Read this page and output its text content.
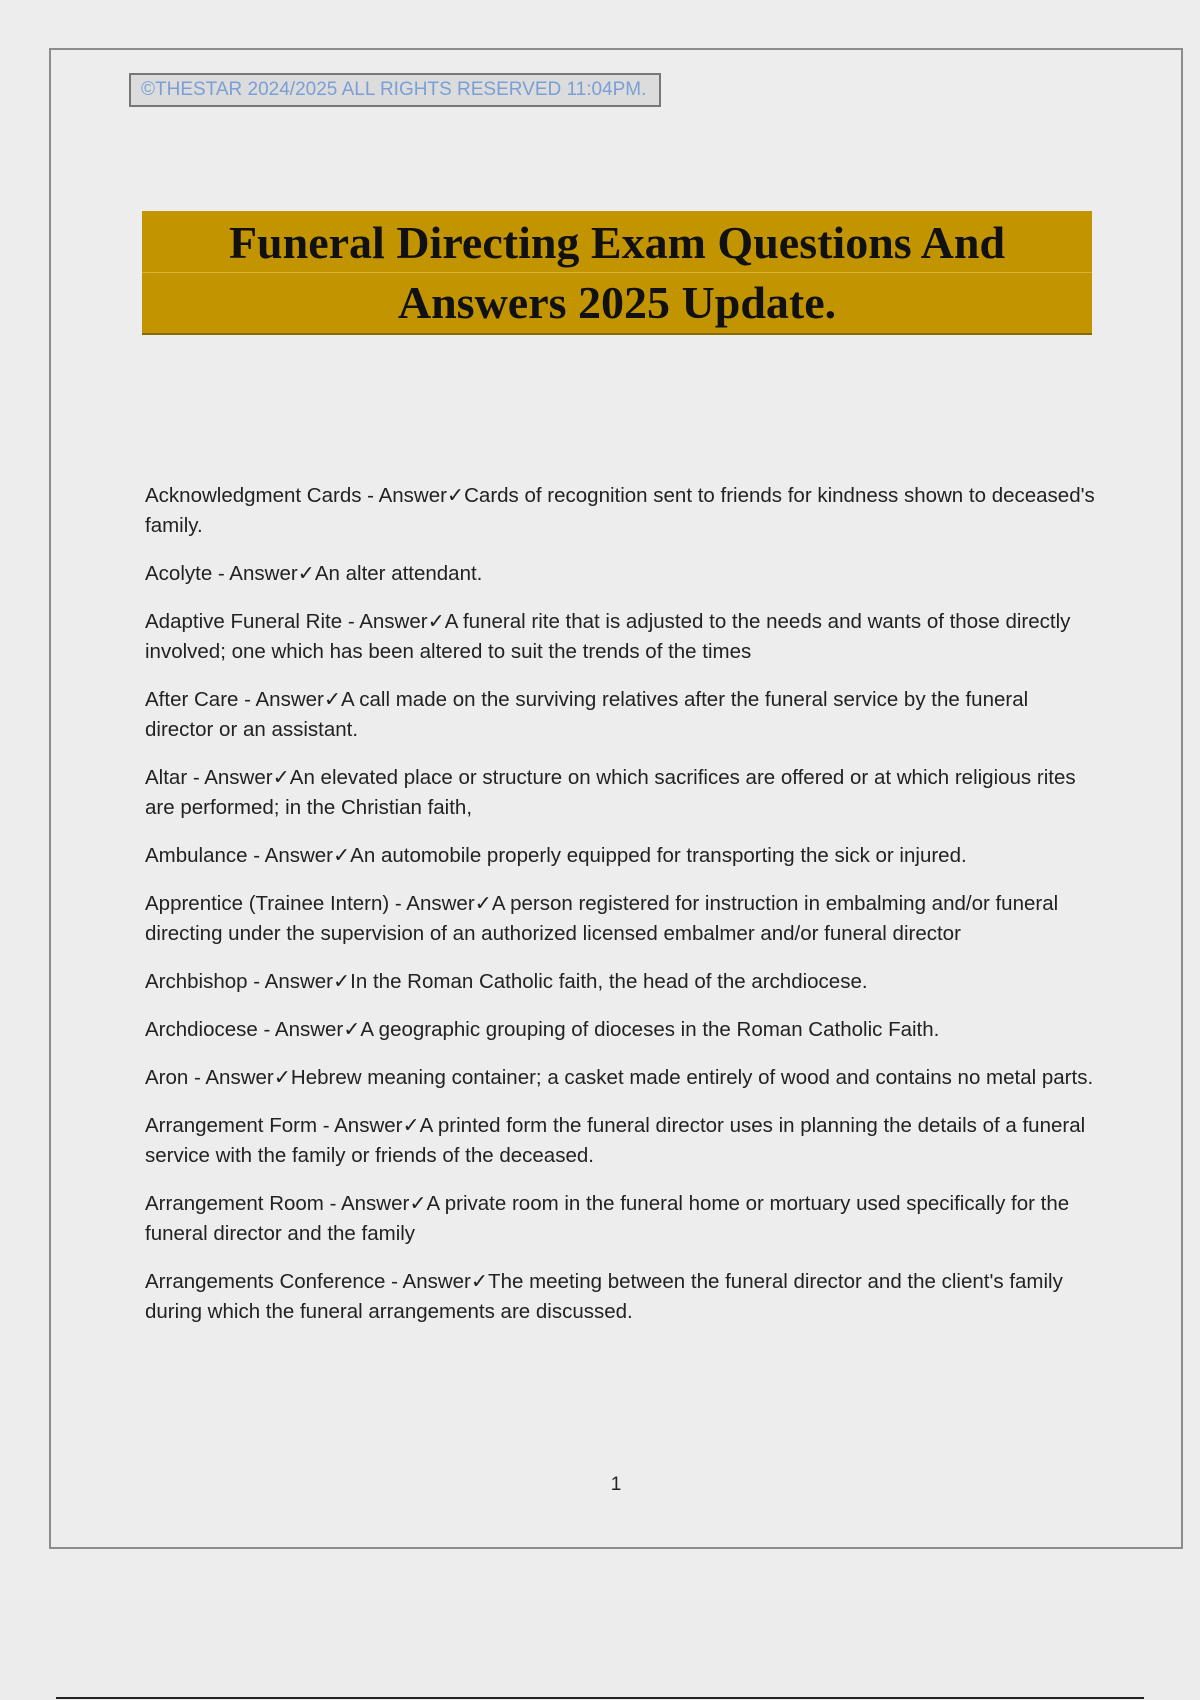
©THESTAR 2024/2025 ALL RIGHTS RESERVED 11:04PM.
Funeral Directing Exam Questions And
Answers 2025 Update.
Acknowledgment Cards - Answer✓Cards of recognition sent to friends for kindness shown to deceased's family.
Acolyte - Answer✓An alter attendant.
Adaptive Funeral Rite - Answer✓A funeral rite that is adjusted to the needs and wants of those directly involved; one which has been altered to suit the trends of the times
After Care - Answer✓A call made on the surviving relatives after the funeral service by the funeral director or an assistant.
Altar - Answer✓An elevated place or structure on which sacrifices are offered or at which religious rites are performed; in the Christian faith,
Ambulance - Answer✓An automobile properly equipped for transporting the sick or injured.
Apprentice (Trainee Intern) - Answer✓A person registered for instruction in embalming and/or funeral directing under the supervision of an authorized licensed embalmer and/or funeral director
Archbishop - Answer✓In the Roman Catholic faith, the head of the archdiocese.
Archdiocese - Answer✓A geographic grouping of dioceses in the Roman Catholic Faith.
Aron - Answer✓Hebrew meaning container; a casket made entirely of wood and contains no metal parts.
Arrangement Form - Answer✓A printed form the funeral director uses in planning the details of a funeral service with the family or friends of the deceased.
Arrangement Room - Answer✓A private room in the funeral home or mortuary used specifically for the funeral director and the family
Arrangements Conference - Answer✓The meeting between the funeral director and the client's family during which the funeral arrangements are discussed.
1
